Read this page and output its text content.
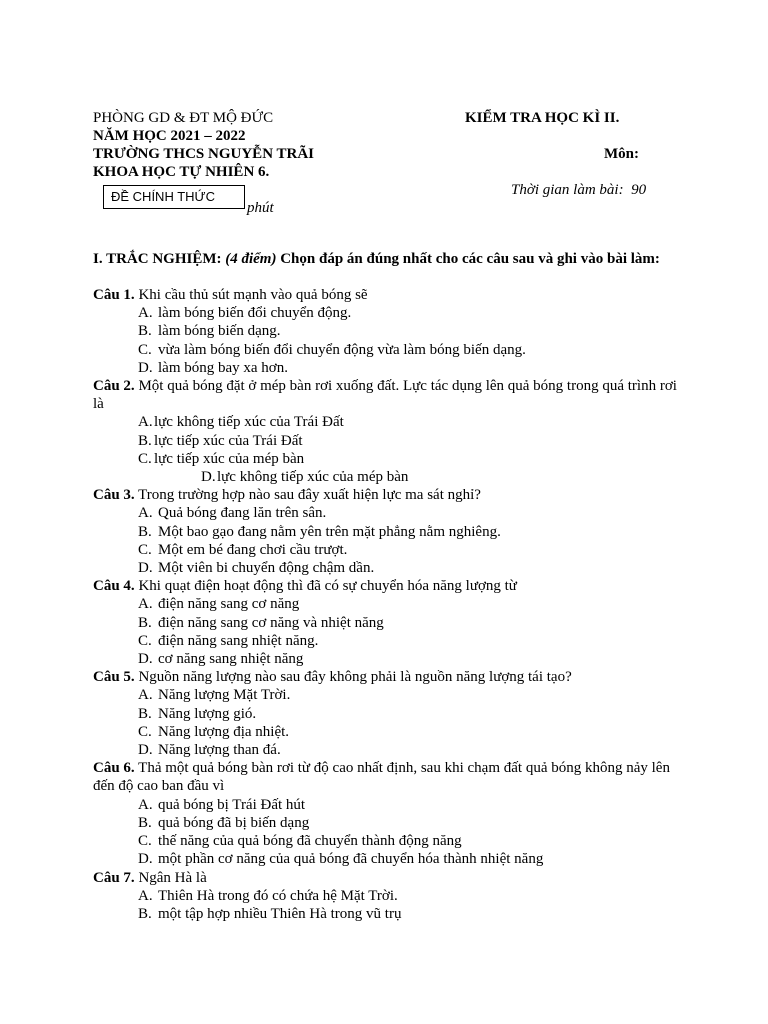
PHÒNG GD & ĐT MỘ ĐỨC
NĂM HỌC 2021 – 2022
TRƯỜNG THCS NGUYỄN TRÃI
KHOA HỌC TỰ NHIÊN 6.
KIỂM TRA HỌC KÌ II.
Môn:
Thời gian làm bài: 90
ĐỀ CHÍNH THỨC
phút
I. TRẮC NGHIỆM: (4 điểm) Chọn đáp án đúng nhất cho các câu sau và ghi vào bài làm:
Câu 1. Khi cầu thủ sút mạnh vào quả bóng sẽ
A. làm bóng biến đổi chuyển động.
B. làm bóng biến dạng.
C. vừa làm bóng biến đổi chuyển động vừa làm bóng biến dạng.
D. làm bóng bay xa hơn.
Câu 2. Một quả bóng đặt ở mép bàn rơi xuống đất. Lực tác dụng lên quả bóng trong quá trình rơi là
A.lực không tiếp xúc của Trái Đất
B. lực tiếp xúc của Trái Đất
C. lực tiếp xúc của mép bàn
D.lực không tiếp xúc của mép bàn
Câu 3. Trong trường hợp nào sau đây xuất hiện lực ma sát nghỉ?
A. Quả bóng đang lăn trên sân.
B. Một bao gạo đang nằm yên trên mặt phẳng nằm nghiêng.
C. Một em bé đang chơi cầu trượt.
D. Một viên bi chuyển động chậm dần.
Câu 4. Khi quạt điện hoạt động thì đã có sự chuyển hóa năng lượng từ
A. điện năng sang cơ năng
B. điện năng sang cơ năng và nhiệt năng
C. điện năng sang nhiệt năng.
D. cơ năng sang nhiệt năng
Câu 5. Nguồn năng lượng nào sau đây không phải là nguồn năng lượng tái tạo?
A. Năng lượng Mặt Trời.
B. Năng lượng gió.
C. Năng lượng địa nhiệt.
D. Năng lượng than đá.
Câu 6. Thả một quả bóng bàn rơi từ độ cao nhất định, sau khi chạm đất quả bóng không nảy lên đến độ cao ban đầu vì
A. quả bóng bị Trái Đất hút
B. quả bóng đã bị biến dạng
C. thế năng của quả bóng đã chuyển thành động năng
D. một phần cơ năng của quả bóng đã chuyển hóa thành nhiệt năng
Câu 7. Ngân Hà là
A. Thiên Hà trong đó có chứa hệ Mặt Trời.
B. một tập hợp nhiều Thiên Hà trong vũ trụ
